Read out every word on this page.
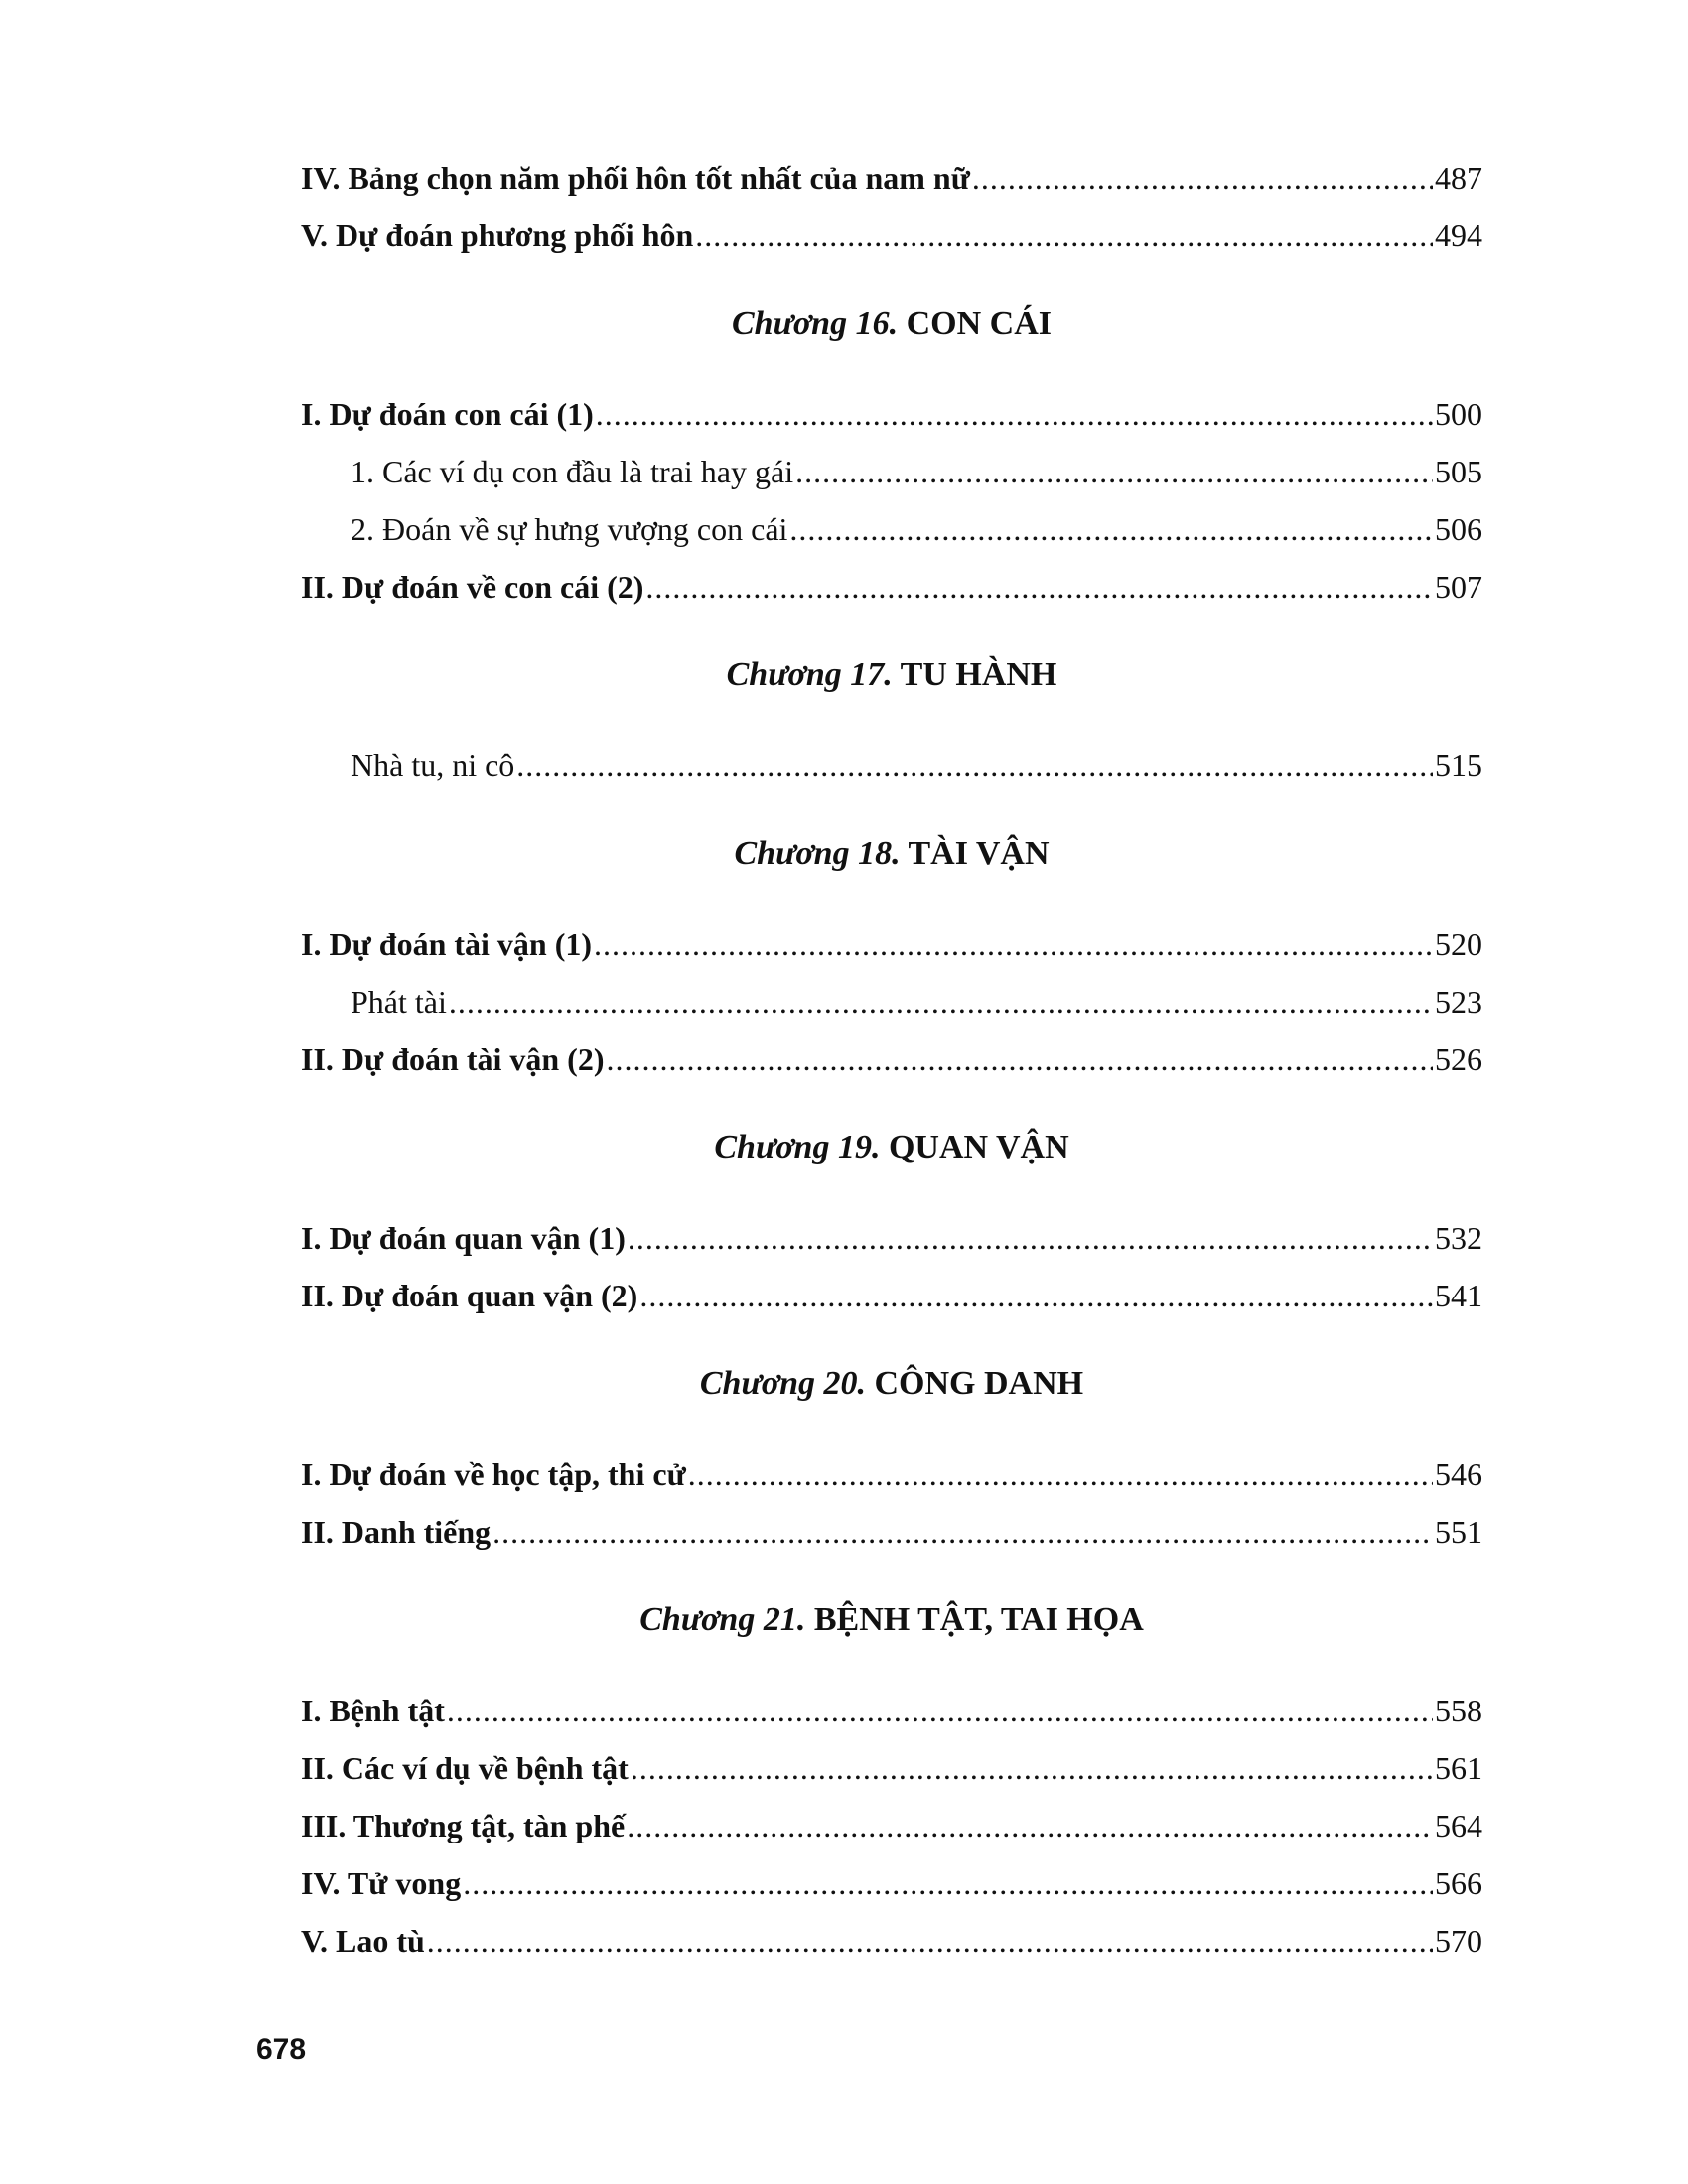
IV. Bảng chọn năm phối hôn tốt nhất của nam nữ .....	487
V. Dự đoán phương phối hôn .....	494
Chương 16. CON CÁI
I. Dự đoán con cái (1) .....	500
1. Các ví dụ con đầu là trai hay gái .....	505
2. Đoán về sự hưng vượng con cái .....	506
II. Dự đoán về con cái (2) .....	507
Chương 17. TU HÀNH
Nhà tu, ni cô .....	515
Chương 18. TÀI VẬN
I. Dự đoán tài vận (1) .....	520
Phát tài .....	523
II. Dự đoán tài vận (2) .....	526
Chương 19. QUAN VẬN
I. Dự đoán quan vận (1) .....	532
II. Dự đoán quan vận (2) .....	541
Chương 20. CÔNG DANH
I. Dự đoán về học tập, thi cử .....	546
II. Danh tiếng .....	551
Chương 21. BỆNH TẬT, TAI HỌA
I. Bệnh tật .....	558
II. Các ví dụ về bệnh tật .....	561
III. Thương tật, tàn phế .....	564
IV. Tử vong .....	566
V. Lao tù .....	570
678
